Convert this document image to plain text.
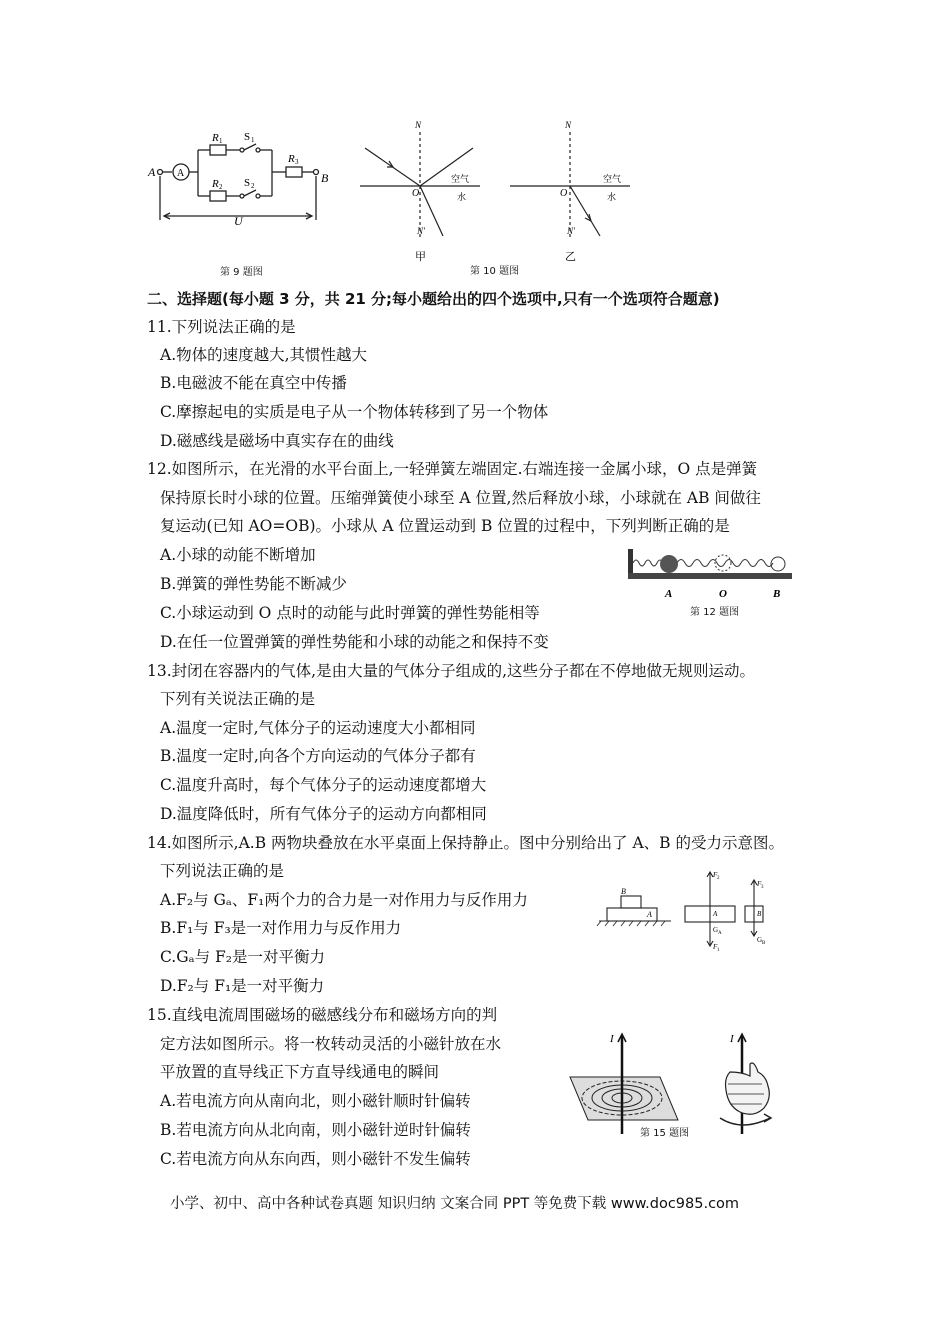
A A
R 1 S 1
R 2 S 2
R 3
B
U
第 9 题图
N
O
空气
水
N'
甲
N
O
空气
水
N'
乙
第 10 题图
二、选择题(每小题 3 分，共 21 分;每小题给出的四个选项中,只有一个选项符合题意)
11.下列说法正确的是
A.物体的速度越大,其惯性越大
B.电磁波不能在真空中传播
C.摩擦起电的实质是电子从一个物体转移到了另一个物体
D.磁感线是磁场中真实存在的曲线
12.如图所示，在光滑的水平台面上,一轻弹簧左端固定.右端连接一金属小球，O 点是弹簧
保持原长时小球的位置。压缩弹簧使小球至 A 位置,然后释放小球，小球就在 AB 间做往
复运动(已知 AO=OB)。小球从 A 位置运动到 B 位置的过程中，下列判断正确的是
A.小球的动能不断增加
B.弹簧的弹性势能不断减少
C.小球运动到 O 点时的动能与此时弹簧的弹性势能相等
D.在任一位置弹簧的弹性势能和小球的动能之和保持不变
A	O	B
第 12 题图
13.封闭在容器内的气体,是由大量的气体分子组成的,这些分子都在不停地做无规则运动。
下列有关说法正确的是
A.温度一定时,气体分子的运动速度大小都相同
B.温度一定时,向各个方向运动的气体分子都有
C.温度升高时，每个气体分子的运动速度都增大
D.温度降低时，所有气体分子的运动方向都相同
14.如图所示,A.B 两物块叠放在水平桌面上保持静止。图中分别给出了 A、B 的受力示意图。
下列说法正确的是
A.F₂与 Gₐ、F₁两个力的合力是一对作用力与反作用力
B.F₁与 F₃是一对作用力与反作用力
C.Gₐ与 F₂是一对平衡力
D.F₂与 F₁是一对平衡力
B
A
F 2
A
G A
F 1
F 3
B
G B
15.直线电流周围磁场的磁感线分布和磁场方向的判
定方法如图所示。将一枚转动灵活的小磁针放在水
平放置的直导线正下方直导线通电的瞬间
A.若电流方向从南向北，则小磁针顺时针偏转
B.若电流方向从北向南，则小磁针逆时针偏转
C.若电流方向从东向西，则小磁针不发生偏转
I	I
第 15 题图
小学、初中、高中各种试卷真题 知识归纳 文案合同 PPT 等免费下载 www.doc985.com
